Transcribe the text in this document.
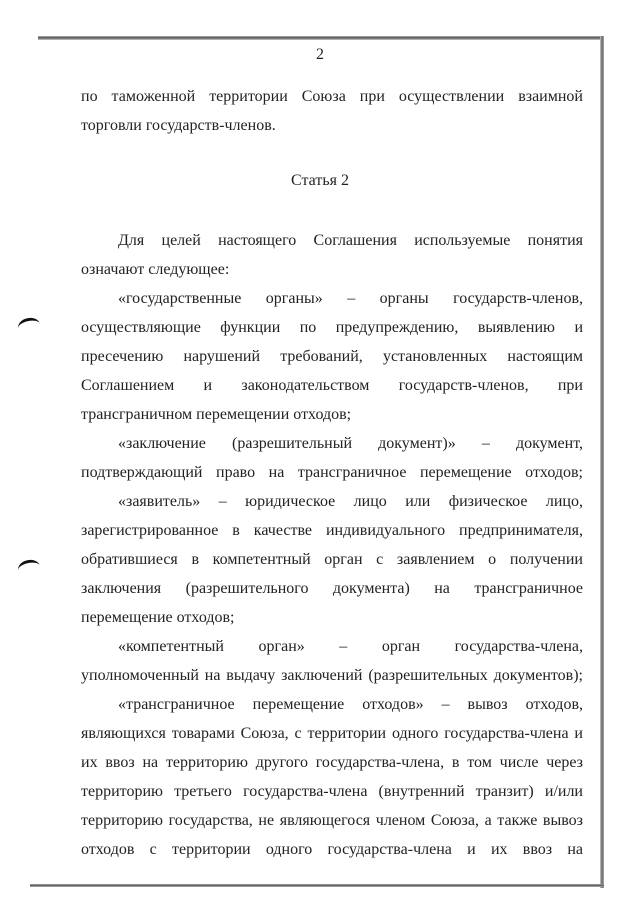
2
по таможенной территории Союза при осуществлении взаимной
торговли государств-членов.
Статья 2
Для целей настоящего Соглашения используемые понятия
означают следующее:
«государственные органы» – органы государств-членов,
осуществляющие функции по предупреждению, выявлению и
пресечению нарушений требований, установленных настоящим
Соглашением и законодательством государств-членов, при
трансграничном перемещении отходов;
«заключение (разрешительный документ)» – документ,
подтверждающий право на трансграничное перемещение отходов;
«заявитель» – юридическое лицо или физическое лицо,
зарегистрированное в качестве индивидуального предпринимателя,
обратившиеся в компетентный орган с заявлением о получении
заключения (разрешительного документа) на трансграничное
перемещение отходов;
«компетентный орган» – орган государства-члена,
уполномоченный на выдачу заключений (разрешительных документов);
«трансграничное перемещение отходов» – вывоз отходов,
являющихся товарами Союза, с территории одного государства-члена и
их ввоз на территорию другого государства-члена, в том числе через
территорию третьего государства-члена (внутренний транзит) и/или
территорию государства, не являющегося членом Союза, а также вывоз
отходов с территории одного государства-члена и их ввоз на
